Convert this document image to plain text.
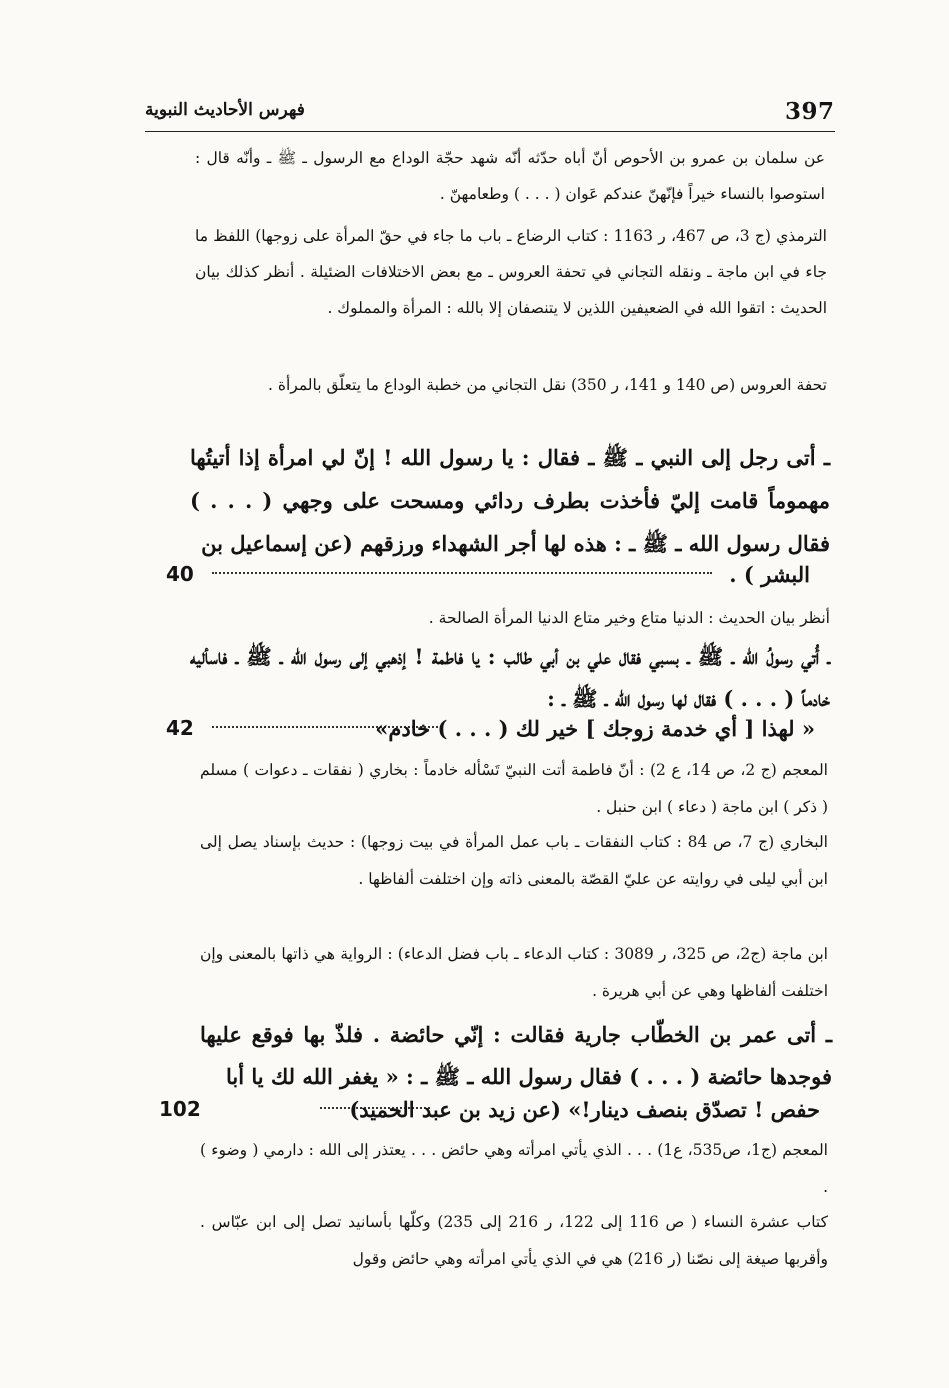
397
فهرس الأحاديث النبوية
عن سلمان بن عمرو بن الأحوص أنّ أباه حدّثه أنّه شهد حجّة الوداع مع الرسول ـ ﷺ ـ وأنّه قال : استوصوا بالنساء خيراً فإنّهنّ عندكم عَوان ( . . . ) وطعامهنّ .
الترمذي (ج 3، ص 467، ر 1163 : كتاب الرضاع ـ باب ما جاء في حقّ المرأة على زوجها) اللفظ ما جاء في ابن ماجة ـ ونقله التجاني في تحفة العروس ـ مع بعض الاختلافات الضئيلة . أنظر كذلك بيان الحديث : اتقوا الله في الضعيفين اللذين لا يتنصفان إلا بالله : المرأة والمملوك .
تحفة العروس (ص 140 و 141، ر 350) نقل التجاني من خطبة الوداع ما يتعلّق بالمرأة .
ـ أتى رجل إلى النبي ـ ﷺ ـ فقال : يا رسول الله ! إنّ لي امرأة إذا أتيتُها مهموماً قامت إليّ فأخذت بطرف ردائي ومسحت على وجهي ( . . . ) فقال رسول الله ـ ﷺ ـ : هذه لها أجر الشهداء ورزقهم (عن إسماعيل بن
40	البشر ) .
أنظر بيان الحديث : الدنيا متاع وخير متاع الدنيا المرأة الصالحة .
ـ أُتي رسولُ الله ـ ﷺ ـ بسبي فقال علي بن أبي طالب : يا فاطمة ! إذهبي إلى رسول الله ـ ﷺ ـ فاسأليه خادماً ( . . . ) فقال لها رسول الله ـ ﷺ ـ :
42	« لهذا [ أي خدمة زوجك ] خير لك ( . . . ) خادم»
المعجم (ج 2، ص 14، ع 2) : أنّ فاطمة أتت النبيّ تَسْأله خادماً : بخاري ( نفقات ـ دعوات ) مسلم ( ذكر ) ابن ماجة ( دعاء ) ابن حنبل .
البخاري (ج 7، ص 84 : كتاب النفقات ـ باب عمل المرأة في بيت زوجها) : حديث بإسناد يصل إلى ابن أبي ليلى في روايته عن عليّ القصّة بالمعنى ذاته وإن اختلفت ألفاظها .
ابن ماجة (ج2، ص 325، ر 3089 : كتاب الدعاء ـ باب فضل الدعاء) : الرواية هي ذاتها بالمعنى وإن اختلفت ألفاظها وهي عن أبي هريرة .
ـ أتى عمر بن الخطّاب جارية فقالت : إنّي حائضة . فلذّ بها فوقع عليها فوجدها حائضة ( . . . ) فقال رسول الله ـ ﷺ ـ : « يغفر الله لك يا أبا
102	حفص ! تصدّق بنصف دينار!» (عن زيد بن عبد الحميد)
المعجم (ج1، ص535، ع1) . . . الذي يأتي امرأته وهي حائض . . . يعتذر إلى الله : دارمي ( وضوء ) .
كتاب عشرة النساء ( ص 116 إلى 122، ر 216 إلى 235) وكلّها بأسانيد تصل إلى ابن عبّاس . وأقربها صيغة إلى نصّنا (ر 216) هي في الذي يأتي امرأته وهي حائض وقول
